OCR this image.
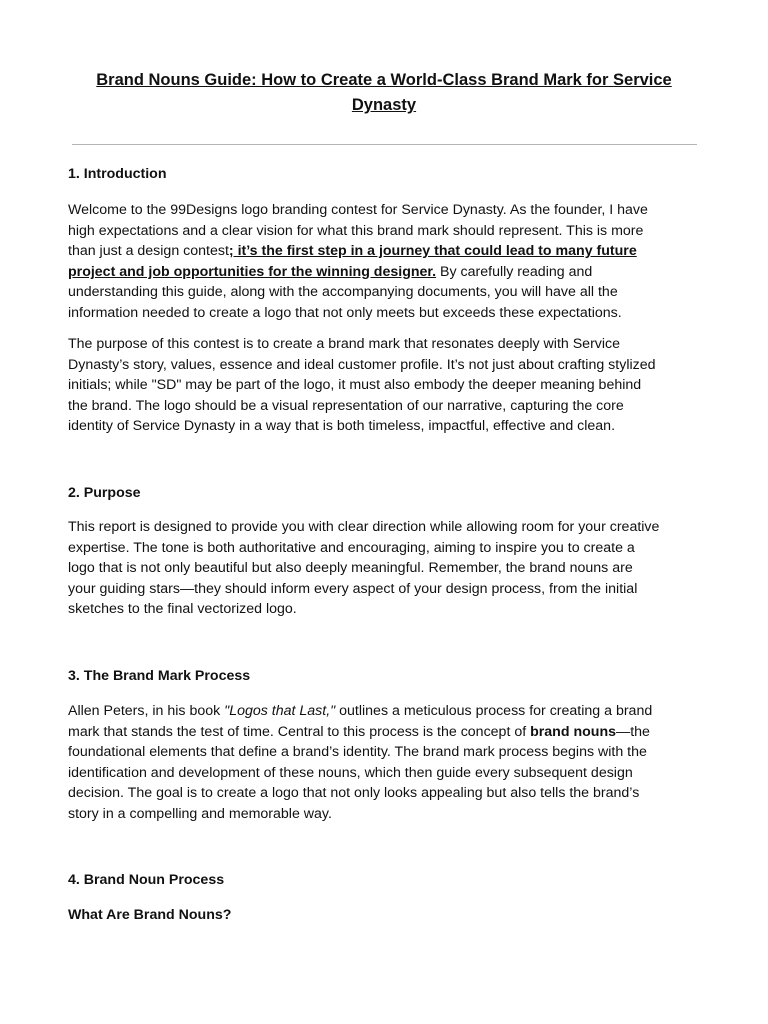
Brand Nouns Guide: How to Create a World-Class Brand Mark for Service
Dynasty
1. Introduction
Welcome to the 99Designs logo branding contest for Service Dynasty. As the founder, I have
high expectations and a clear vision for what this brand mark should represent. This is more
than just a design contest; it’s the first step in a journey that could lead to many future
project and job opportunities for the winning designer. By carefully reading and
understanding this guide, along with the accompanying documents, you will have all the
information needed to create a logo that not only meets but exceeds these expectations.
The purpose of this contest is to create a brand mark that resonates deeply with Service
Dynasty’s story, values, essence and ideal customer profile. It’s not just about crafting stylized
initials; while "SD" may be part of the logo, it must also embody the deeper meaning behind
the brand. The logo should be a visual representation of our narrative, capturing the core
identity of Service Dynasty in a way that is both timeless, impactful, effective and clean.
2. Purpose
This report is designed to provide you with clear direction while allowing room for your creative
expertise. The tone is both authoritative and encouraging, aiming to inspire you to create a
logo that is not only beautiful but also deeply meaningful. Remember, the brand nouns are
your guiding stars—they should inform every aspect of your design process, from the initial
sketches to the final vectorized logo.
3. The Brand Mark Process
Allen Peters, in his book "Logos that Last," outlines a meticulous process for creating a brand
mark that stands the test of time. Central to this process is the concept of brand nouns—the
foundational elements that define a brand’s identity. The brand mark process begins with the
identification and development of these nouns, which then guide every subsequent design
decision. The goal is to create a logo that not only looks appealing but also tells the brand’s
story in a compelling and memorable way.
4. Brand Noun Process
What Are Brand Nouns?
